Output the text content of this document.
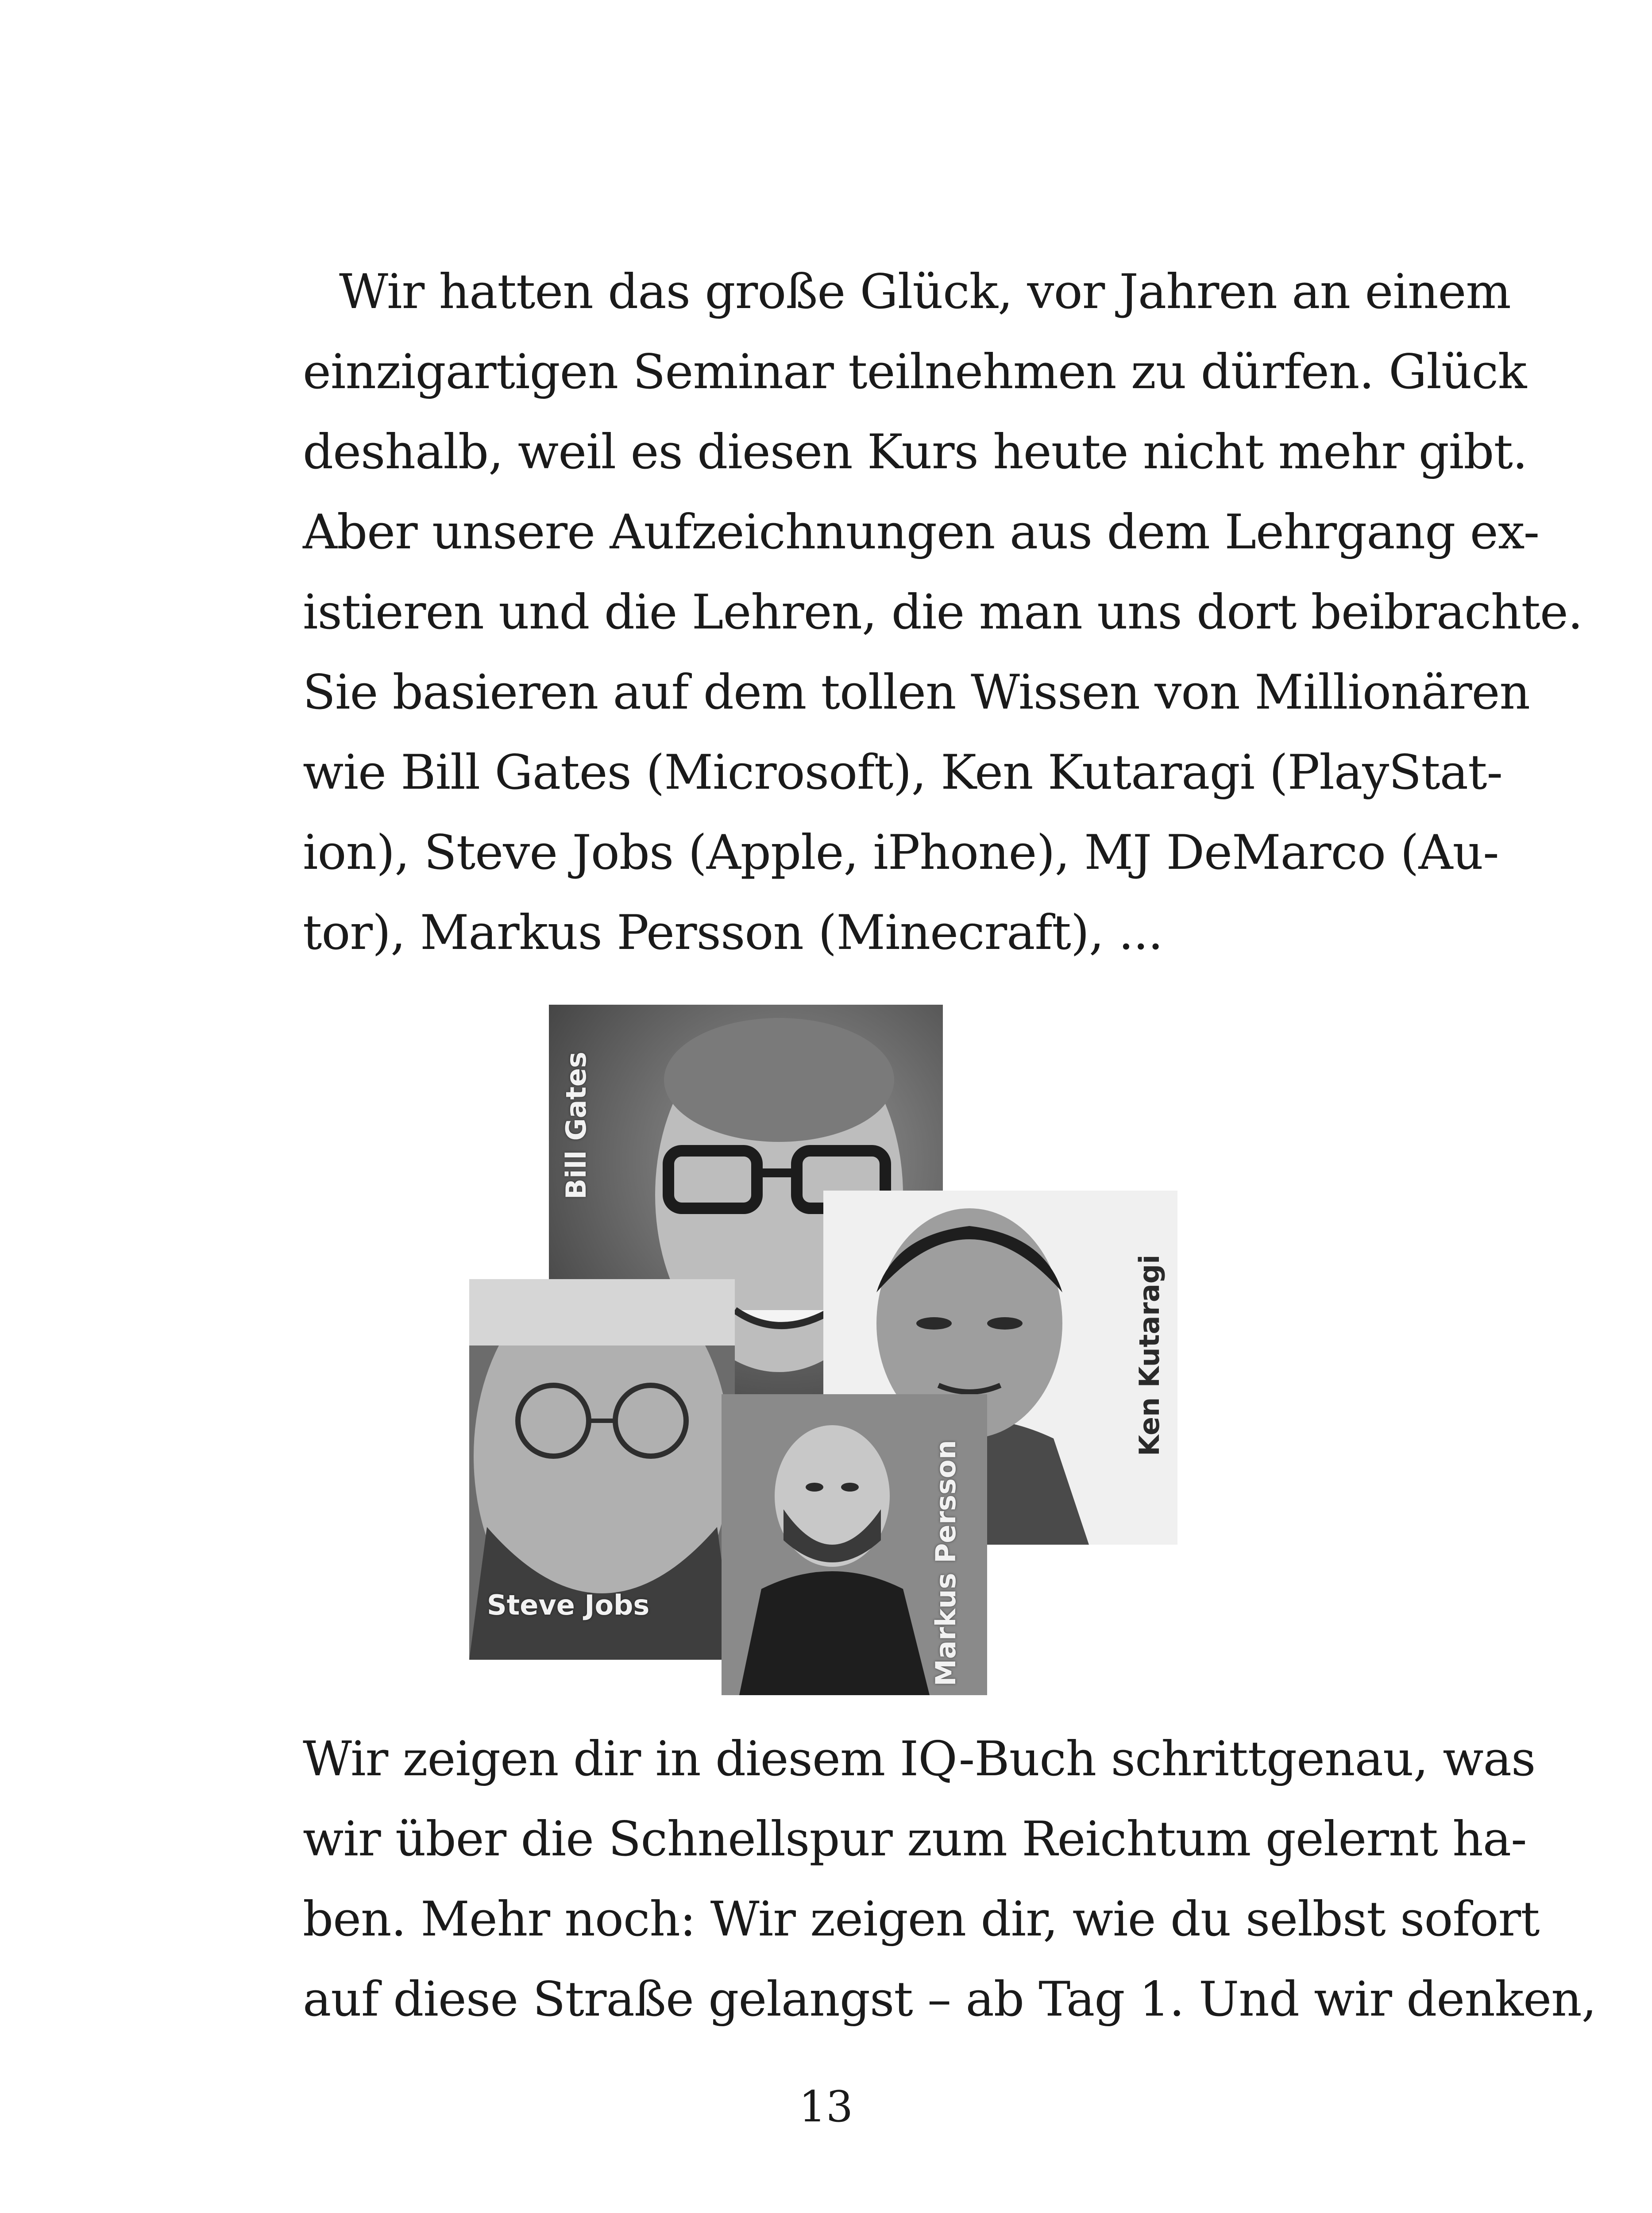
Wir hatten das große Glück, vor Jahren an einem
einzigartigen Seminar teilnehmen zu dürfen. Glück
deshalb, weil es diesen Kurs heute nicht mehr gibt.
Aber unsere Aufzeichnungen aus dem Lehrgang ex-
istieren und die Lehren, die man uns dort beibrachte.
Sie basieren auf dem tollen Wissen von Millionären
wie Bill Gates (Microsoft), Ken Kutaragi (PlayStat-
ion), Steve Jobs (Apple, iPhone), MJ DeMarco (Au-
tor), Markus Persson (Minecraft), ...
Bill Gates
Ken Kutaragi
Steve Jobs	Markus Persson
Wir zeigen dir in diesem IQ-Buch schrittgenau, was
wir über die Schnellspur zum Reichtum gelernt ha-
ben. Mehr noch: Wir zeigen dir, wie du selbst sofort
auf diese Straße gelangst – ab Tag 1. Und wir denken,
13
